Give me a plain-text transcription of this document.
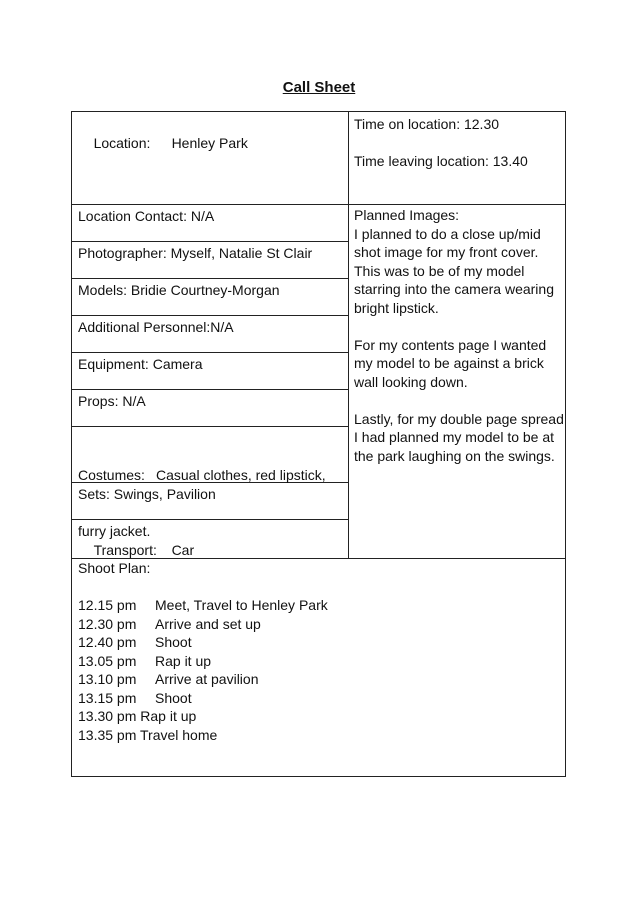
Call Sheet

Location: Henley Park

Time on location: 12.30
Time leaving location: 13.40
Location Contact: N/A
Photographer: Myself, Natalie St Clair
Models: Bridie Courtney-Morgan
Additional Personnel:N/A
Equipment: Camera
Props: N/A

Costumes: Casual clothes, red lipstick,

furry jacket.

Sets: Swings, Pavilion

Transport: Car

Planned Images:

I planned to do a close up/mid shot image for my front cover. This was to be of my model starring into the camera wearing bright lipstick.

For my contents page I wanted my model to be against a brick wall looking down.

Lastly, for my double page spread I had planned my model to be at the park laughing on the swings.

Shoot Plan:
12.15 pm Meet, Travel to Henley Park
12.30 pm Arrive and set up
12.40 pm Shoot
13.05 pm Rap it up
13.10 pm Arrive at pavilion
13.15 pm Shoot
13.30 pm Rap it up
13.35 pm Travel home
